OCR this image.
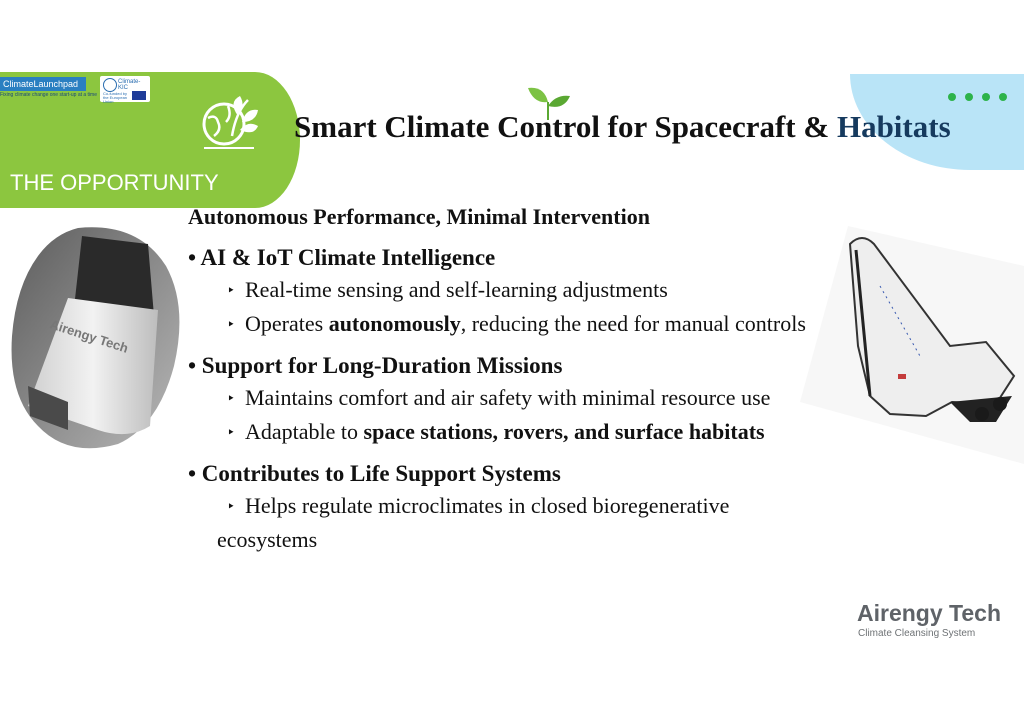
ClimateLaunchpad
Fixing climate change one start-up at a time
Climate-KIC
Co-funded by the European Union
THE OPPORTUNITY
Smart Climate Control for Spacecraft & Habitats
Autonomous Performance, Minimal Intervention
• AI & IoT Climate Intelligence
‣ Real-time sensing and self-learning adjustments
‣ Operates autonomously, reducing the need for manual controls
• Support for Long-Duration Missions
‣ Maintains comfort and air safety with minimal resource use
‣ Adaptable to space stations, rovers, and surface habitats
• Contributes to Life Support Systems
‣ Helps regulate microclimates in closed bioregenerative ecosystems
Airengy Tech
Airengy Tech
Climate Cleansing System
